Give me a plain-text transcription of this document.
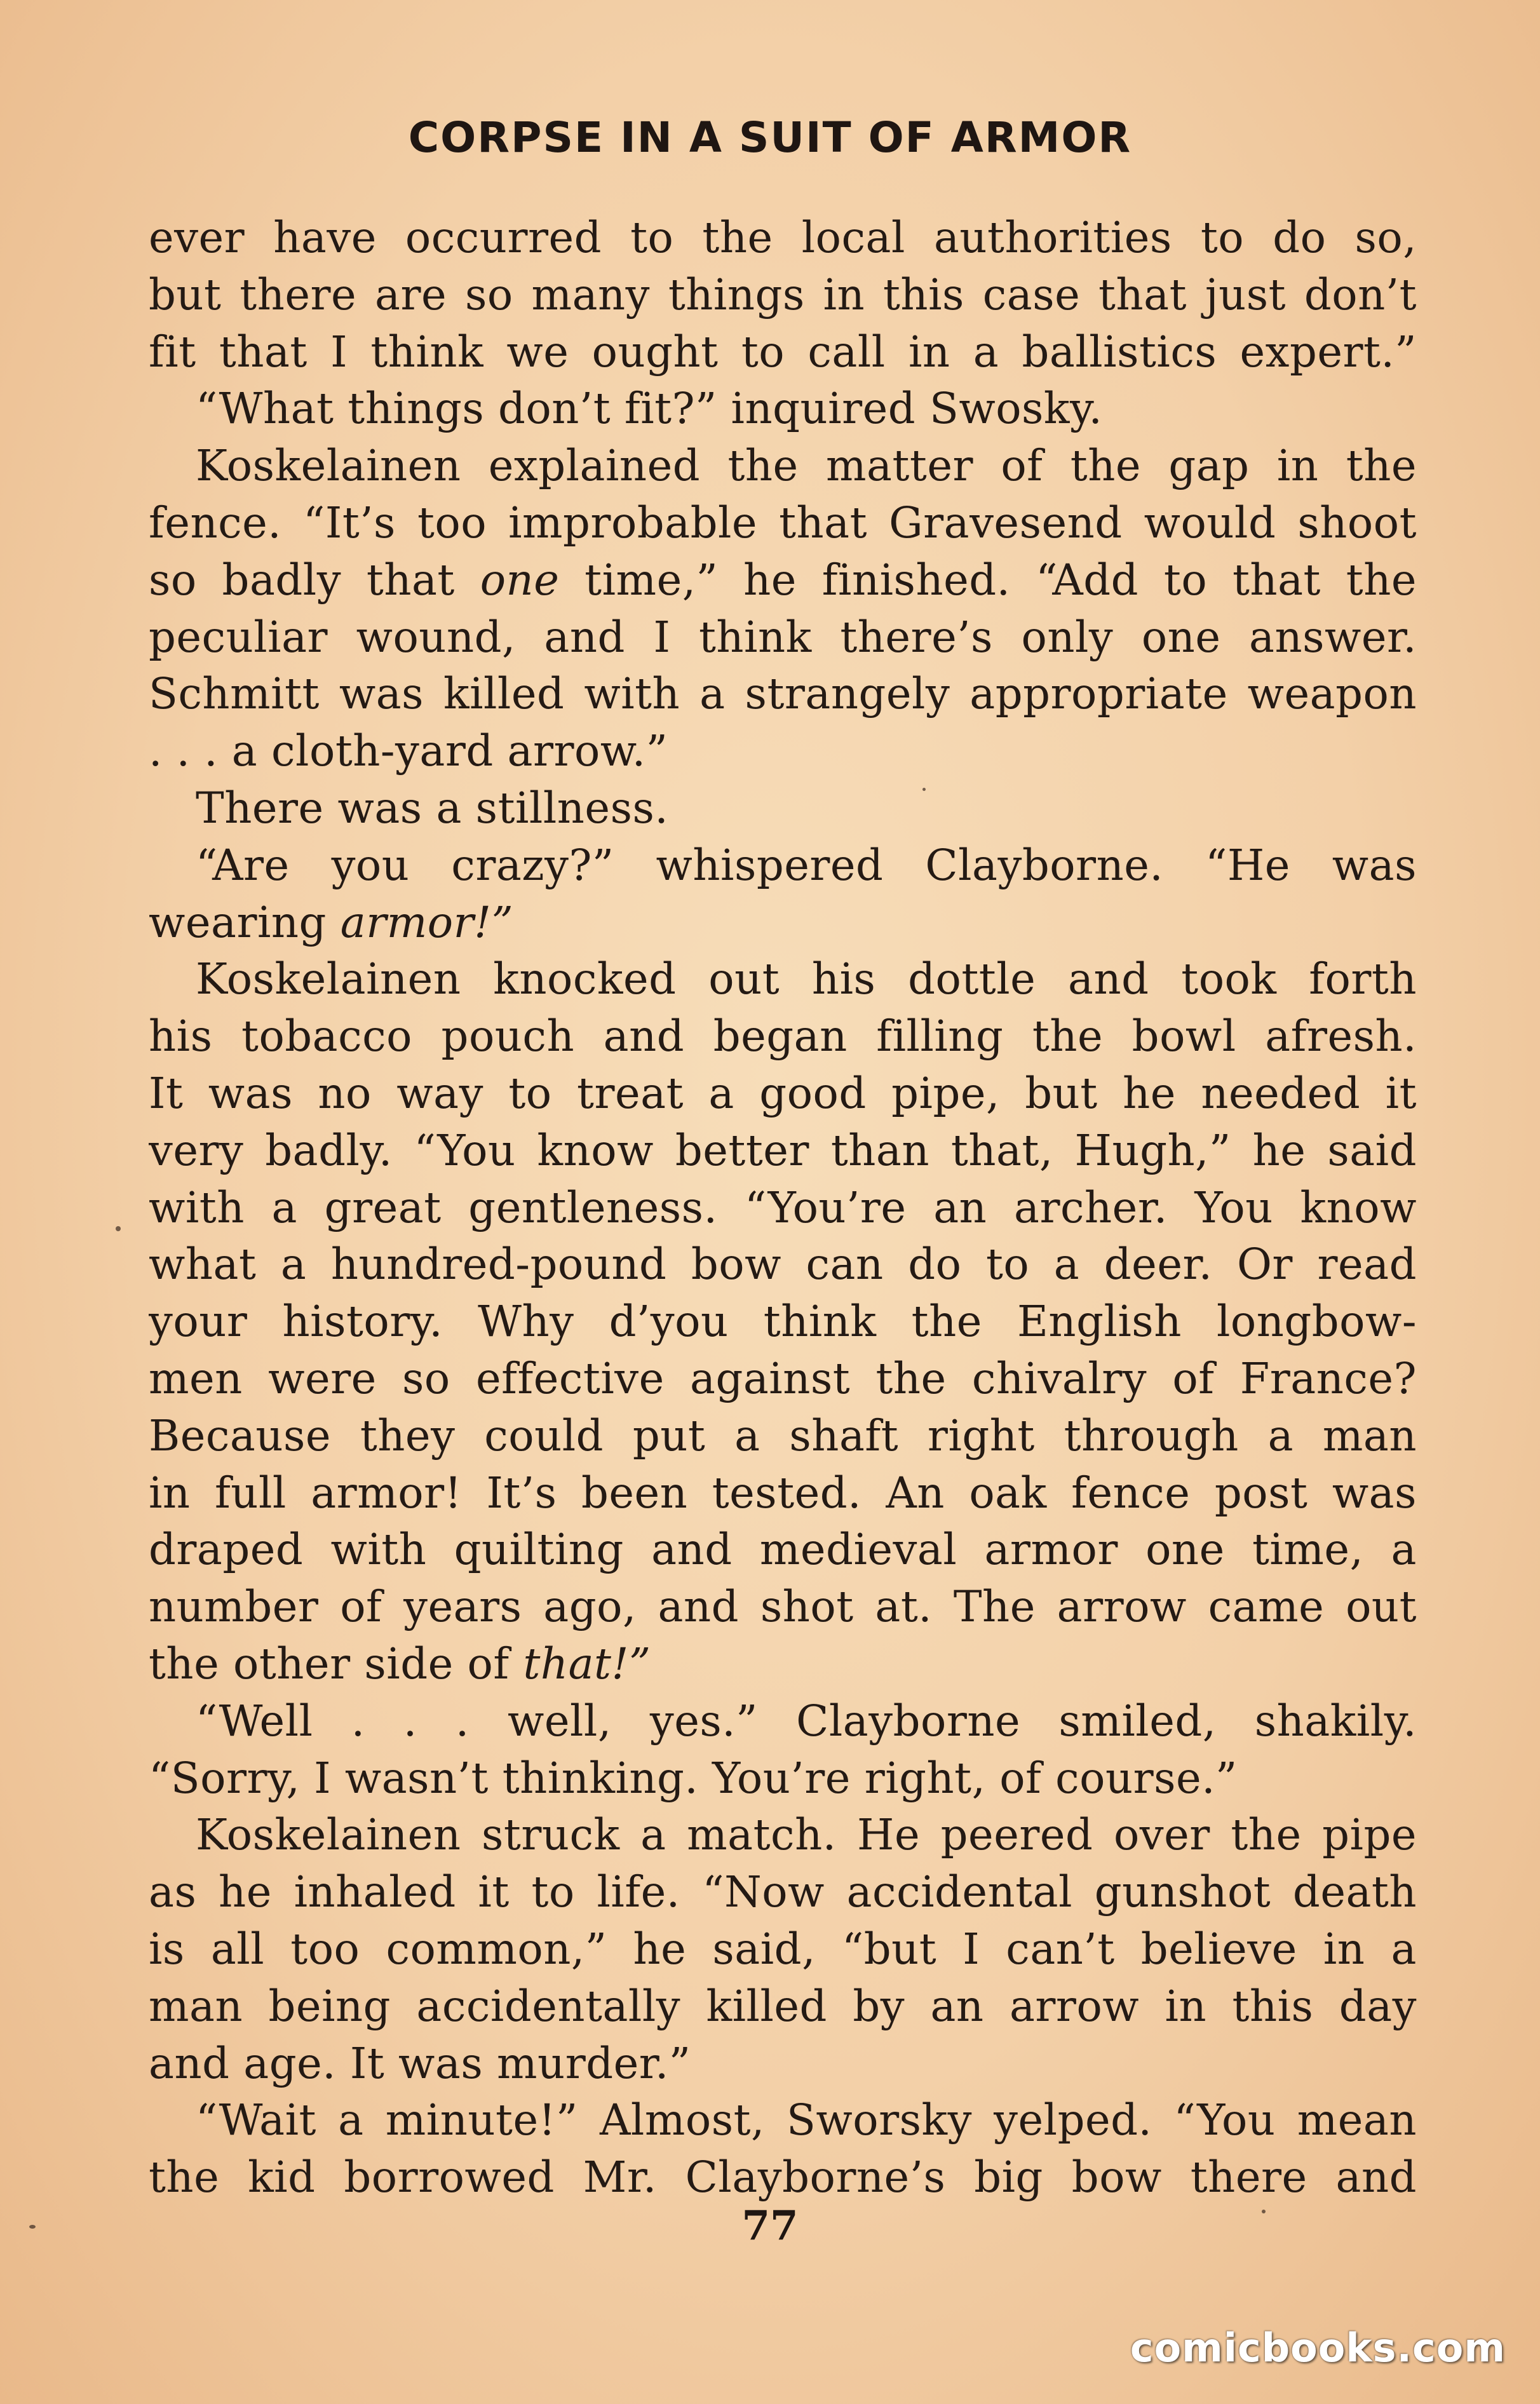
CORPSE IN A SUIT OF ARMOR
ever have occurred to the local authorities to do so,
but there are so many things in this case that just don’t
fit that I think we ought to call in a ballistics expert.”
“What things don’t fit?” inquired Swosky.
Koskelainen explained the matter of the gap in the
fence. “It’s too improbable that Gravesend would shoot
so badly that one time,” he finished. “Add to that the
peculiar wound, and I think there’s only one answer.
Schmitt was killed with a strangely appropriate weapon
. . . a cloth-yard arrow.”
There was a stillness.
“Are you crazy?” whispered Clayborne. “He was
wearing armor!”
Koskelainen knocked out his dottle and took forth
his tobacco pouch and began filling the bowl afresh.
It was no way to treat a good pipe, but he needed it
very badly. “You know better than that, Hugh,” he said
with a great gentleness. “You’re an archer. You know
what a hundred-pound bow can do to a deer. Or read
your history. Why d’you think the English longbow-
men were so effective against the chivalry of France?
Because they could put a shaft right through a man
in full armor! It’s been tested. An oak fence post was
draped with quilting and medieval armor one time, a
number of years ago, and shot at. The arrow came out
the other side of that!”
“Well . . . well, yes.” Clayborne smiled, shakily.
“Sorry, I wasn’t thinking. You’re right, of course.”
Koskelainen struck a match. He peered over the pipe
as he inhaled it to life. “Now accidental gunshot death
is all too common,” he said, “but I can’t believe in a
man being accidentally killed by an arrow in this day
and age. It was murder.”
“Wait a minute!” Almost, Sworsky yelped. “You mean
the kid borrowed Mr. Clayborne’s big bow there and
77
comicbooks.com
